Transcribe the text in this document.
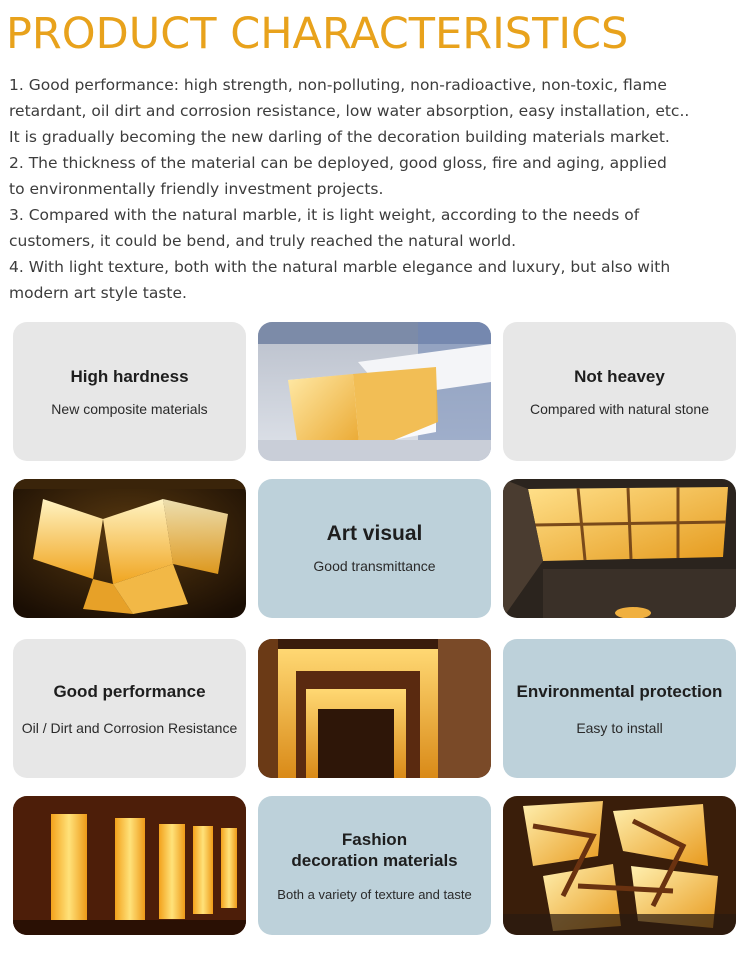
PRODUCT CHARACTERISTICS

1. Good performance: high strength, non-polluting, non-radioactive, non-toxic, flame

retardant, oil dirt and corrosion resistance, low water absorption, easy installation, etc..

It is gradually becoming the new darling of the decoration building materials market.

2. The thickness of the material can be deployed, good gloss, fire and aging, applied

to environmentally friendly investment projects.

3. Compared with the natural marble, it is light weight, according to the needs of

customers, it could be bend, and truly reached the natural world.

4. With light texture, both with the natural marble elegance and luxury, but also with

modern art style taste.

High hardness
New composite materials
Not heavey
Compared with natural stone
Art visual
Good transmittance
Good performance
Oil / Dirt and Corrosion Resistance
Environmental protection
Easy to install
Fashion
decoration materials
Both a variety of texture and taste
